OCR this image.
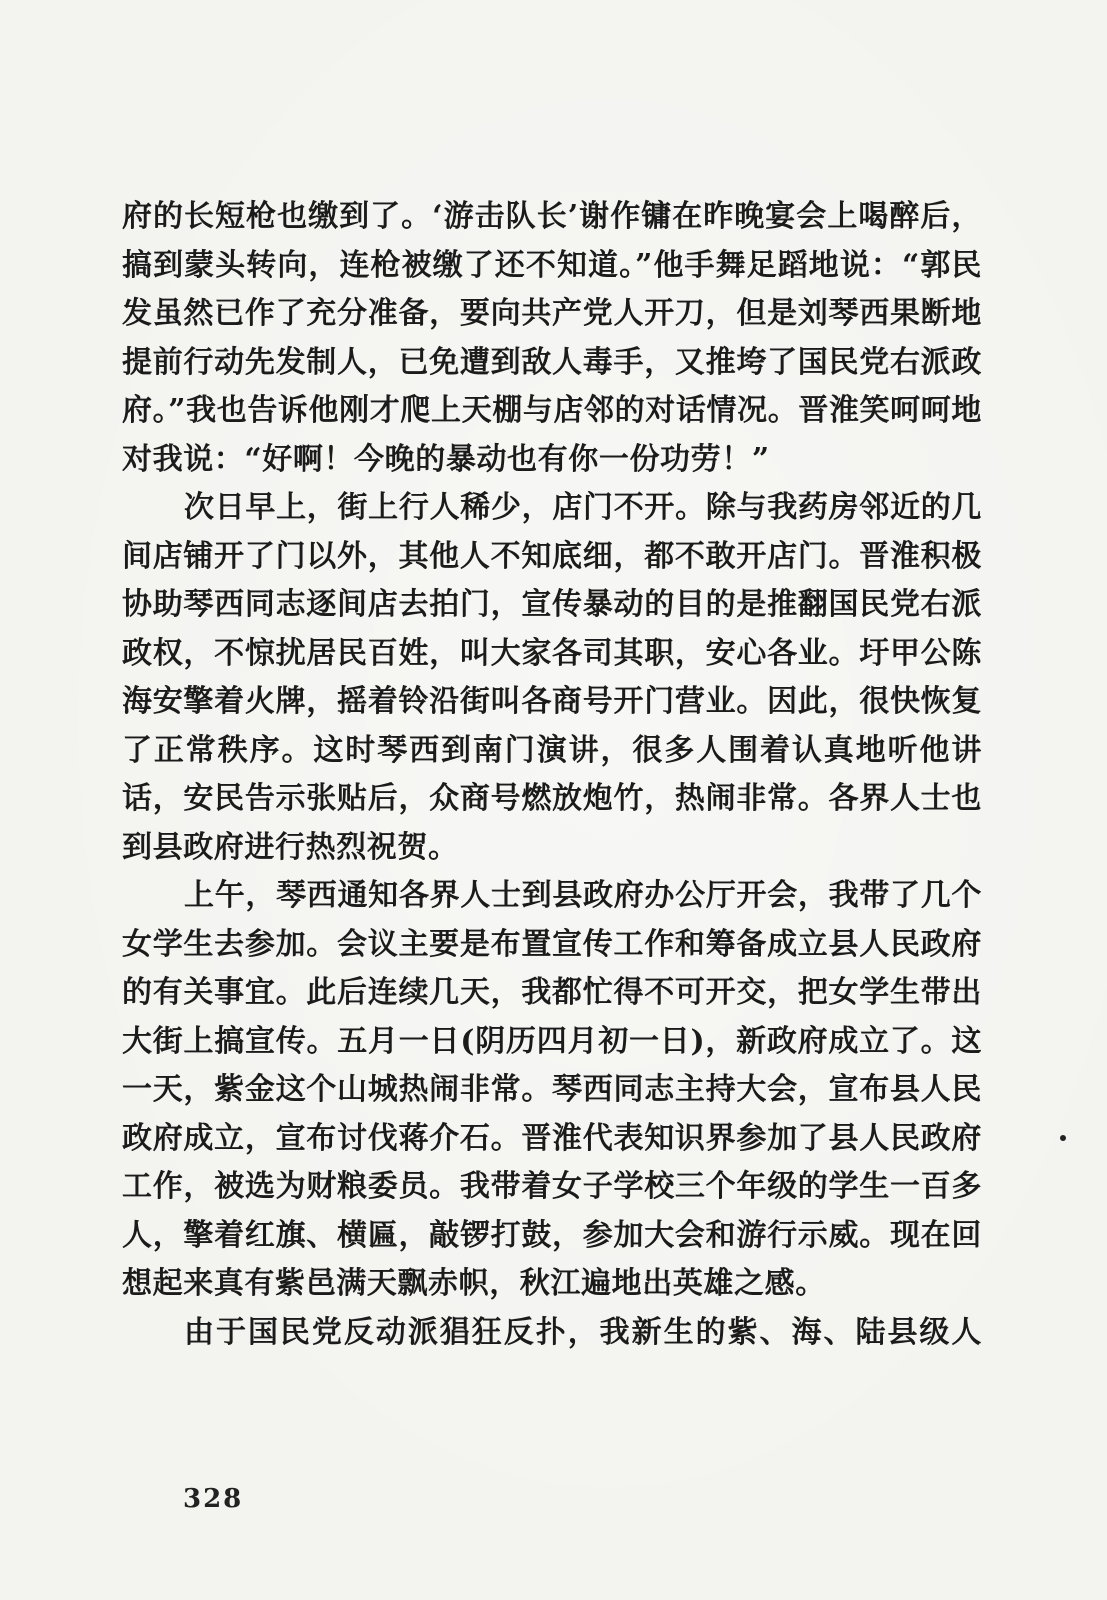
府的长短枪也缴到了。‘游击队长’谢作镛在昨晚宴会上喝醉后，搞到蒙头转向，连枪被缴了还不知道。”他手舞足蹈地说：“郭民发虽然已作了充分准备，要向共产党人开刀，但是刘琴西果断地提前行动先发制人，已免遭到敌人毒手，又推垮了国民党右派政府。”我也告诉他刚才爬上天棚与店邻的对话情况。晋淮笑呵呵地对我说：“好啊！今晚的暴动也有你一份功劳！”

次日早上，街上行人稀少，店门不开。除与我药房邻近的几间店铺开了门以外，其他人不知底细，都不敢开店门。晋淮积极协助琴西同志逐间店去拍门，宣传暴动的目的是推翻国民党右派政权，不惊扰居民百姓，叫大家各司其职，安心各业。圩甲公陈海安擎着火牌，摇着铃沿街叫各商号开门营业。因此，很快恢复了正常秩序。这时琴西到南门演讲，很多人围着认真地听他讲话，安民告示张贴后，众商号燃放炮竹，热闹非常。各界人士也到县政府进行热烈祝贺。

上午，琴西通知各界人士到县政府办公厅开会，我带了几个女学生去参加。会议主要是布置宣传工作和筹备成立县人民政府的有关事宜。此后连续几天，我都忙得不可开交，把女学生带出大街上搞宣传。五月一日(阴历四月初一日)，新政府成立了。这一天，紫金这个山城热闹非常。琴西同志主持大会，宣布县人民政府成立，宣布讨伐蒋介石。晋淮代表知识界参加了县人民政府工作，被选为财粮委员。我带着女子学校三个年级的学生一百多人，擎着红旗、横匾，敲锣打鼓，参加大会和游行示威。现在回想起来真有紫邑满天飘赤帜，秋江遍地出英雄之感。

由于国民党反动派猖狂反扑，我新生的紫、海、陆县级人

328
